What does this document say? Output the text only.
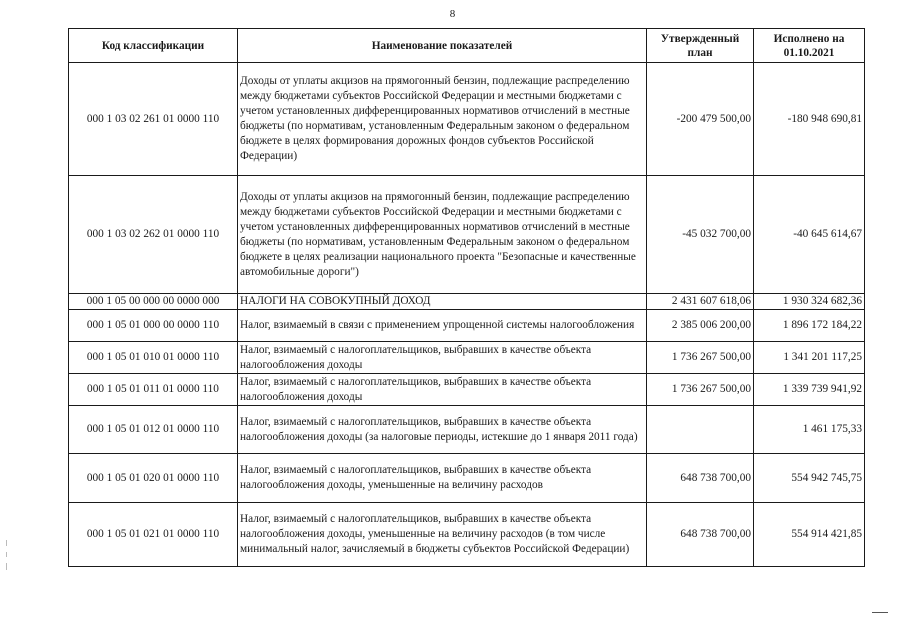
8
Код классификации	Наименование показателей	Утвержденный план	Исполнено на 01.10.2021
000 1 03 02 261 01 0000 110	Доходы от уплаты акцизов на прямогонный бензин, подлежащие распределению между бюджетами субъектов Российской Федерации и местными бюджетами с учетом установленных дифференцированных нормативов отчислений в местные бюджеты (по нормативам, установленным Федеральным законом о федеральном бюджете в целях формирования дорожных фондов субъектов Российской Федерации)	-200 479 500,00	-180 948 690,81
000 1 03 02 262 01 0000 110	Доходы от уплаты акцизов на прямогонный бензин, подлежащие распределению между бюджетами субъектов Российской Федерации и местными бюджетами с учетом установленных дифференцированных нормативов отчислений в местные бюджеты (по нормативам, установленным Федеральным законом о федеральном бюджете в целях реализации национального проекта "Безопасные и качественные автомобильные дороги")	-45 032 700,00	-40 645 614,67
000 1 05 00 000 00 0000 000	НАЛОГИ НА СОВОКУПНЫЙ ДОХОД	2 431 607 618,06	1 930 324 682,36
000 1 05 01 000 00 0000 110	Налог, взимаемый в связи с применением упрощенной системы налогообложения	2 385 006 200,00	1 896 172 184,22
000 1 05 01 010 01 0000 110	Налог, взимаемый с налогоплательщиков, выбравших в качестве объекта налогообложения доходы	1 736 267 500,00	1 341 201 117,25
000 1 05 01 011 01 0000 110	Налог, взимаемый с налогоплательщиков, выбравших в качестве объекта налогообложения доходы	1 736 267 500,00	1 339 739 941,92
000 1 05 01 012 01 0000 110	Налог, взимаемый с налогоплательщиков, выбравших в качестве объекта налогообложения доходы (за налоговые периоды, истекшие до 1 января 2011 года)		1 461 175,33
000 1 05 01 020 01 0000 110	Налог, взимаемый с налогоплательщиков, выбравших в качестве объекта налогообложения доходы, уменьшенные на величину расходов	648 738 700,00	554 942 745,75
000 1 05 01 021 01 0000 110	Налог, взимаемый с налогоплательщиков, выбравших в качестве объекта налогообложения доходы, уменьшенные на величину расходов (в том числе минимальный налог, зачисляемый в бюджеты субъектов Российской Федерации)	648 738 700,00	554 914 421,85
